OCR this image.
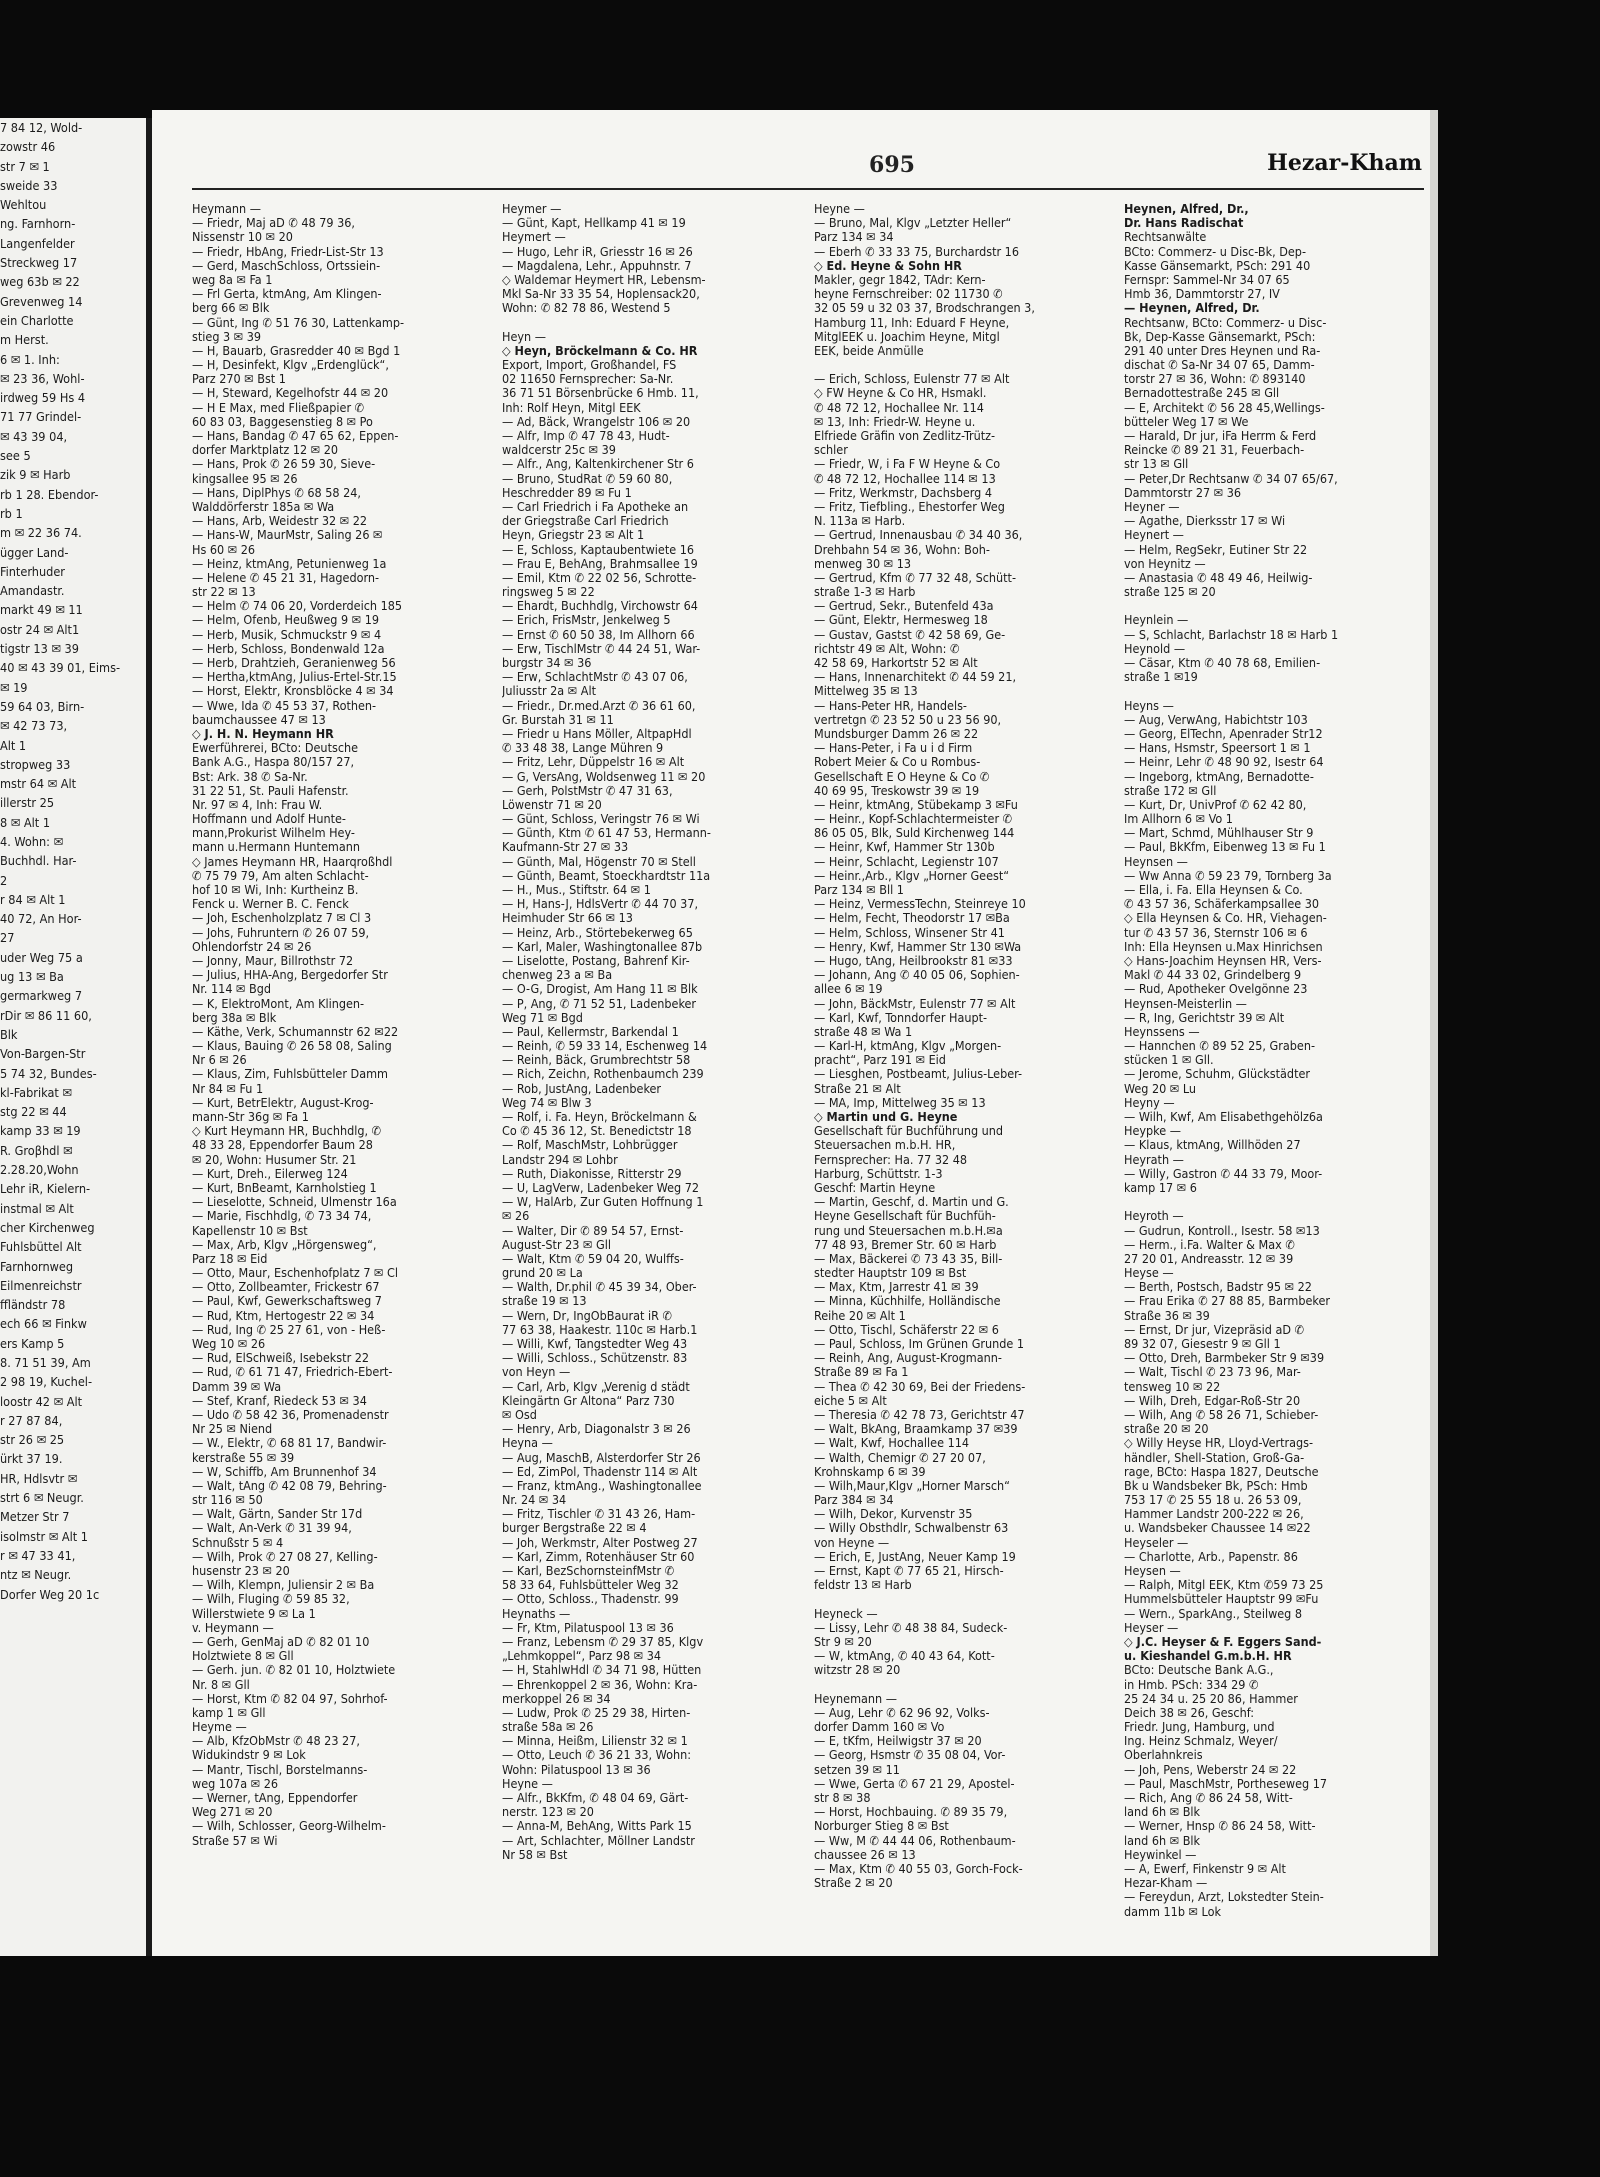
7 84 12, Wold-
zowstr 46
str 7 ✉ 1
sweide 33
Wehltou
ng. Farnhorn-
Langenfelder
Streckweg 17
weg 63b ✉ 22
Grevenweg 14
ein Charlotte
m Herst.
6 ✉ 1. Inh:
✉ 23 36, Wohl-
irdweg 59 Hs 4
71 77 Grindel-
✉ 43 39 04,
see 5
zik 9 ✉ Harb
rb 1 28. Ebendor-
rb 1
m ✉ 22 36 74.
ügger Land-
Finterhuder
Amandastr.
markt 49 ✉ 11
ostr 24 ✉ Alt1
tigstr 13 ✉ 39
40 ✉ 43 39 01, Eims-
✉ 19
59 64 03, Birn-
✉ 42 73 73,
Alt 1
stropweg 33
mstr 64 ✉ Alt
illerstr 25
8 ✉ Alt 1
4. Wohn: ✉
Buchhdl. Har-
2
r 84 ✉ Alt 1
40 72, An Hor-
27
uder Weg 75 a
ug 13 ✉ Ba
germarkweg 7
rDir ✉ 86 11 60,
Blk
Von-Bargen-Str
5 74 32, Bundes-
kl-Fabrikat ✉
stg 22 ✉ 44
kamp 33 ✉ 19
R. Groβhdl ✉
2.28.20,Wohn
Lehr iR, Kielern-
instmal ✉ Alt
cher Kirchenweg
Fuhlsbüttel Alt
Farnhornweg
Eilmenreichstr
ffländstr 78
ech 66 ✉ Finkw
ers Kamp 5
8. 71 51 39, Am
2 98 19, Kuchel-
loostr 42 ✉ Alt
r 27 87 84,
str 26 ✉ 25
ürkt 37 19.
HR, Hdlsvtr ✉
strt 6 ✉ Neugr.
Metzer Str 7
isolmstr ✉ Alt 1
r ✉ 47 33 41,
ntz ✉ Neugr.
Dorfer Weg 20 1c
695	Hezar-Kham
Heymann —
— Friedr, Maj aD ✆ 48 79 36,
Nissenstr 10 ✉ 20
— Friedr, HbAng, Friedr-List-Str 13
— Gerd, MaschSchloss, Ortssiein-
weg 8a ✉ Fa 1
— Frl Gerta, ktmAng, Am Klingen-
berg 66 ✉ Blk
— Günt, Ing ✆ 51 76 30, Lattenkamp-
stieg 3 ✉ 39
— H, Bauarb, Grasredder 40 ✉ Bgd 1
— H, Desinfekt, Klgv „Erdenglück“,
Parz 270 ✉ Bst 1
— H, Steward, Kegelhofstr 44 ✉ 20
— H E Max, med Fließpapier ✆
60 83 03, Baggesenstieg 8 ✉ Po
— Hans, Bandag ✆ 47 65 62, Eppen-
dorfer Marktplatz 12 ✉ 20
— Hans, Prok ✆ 26 59 30, Sieve-
kingsallee 95 ✉ 26
— Hans, DiplPhys ✆ 68 58 24,
Walddörferstr 185a ✉ Wa
— Hans, Arb, Weidestr 32 ✉ 22
— Hans-W, MaurMstr, Saling 26 ✉
Hs 60 ✉ 26
— Heinz, ktmAng, Petunienweg 1a
— Helene ✆ 45 21 31, Hagedorn-
str 22 ✉ 13
— Helm ✆ 74 06 20, Vorderdeich 185
— Helm, Ofenb, Heußweg 9 ✉ 19
— Herb, Musik, Schmuckstr 9 ✉ 4
— Herb, Schloss, Bondenwald 12a
— Herb, Drahtzieh, Geranienweg 56
— Hertha,ktmAng, Julius-Ertel-Str.15
— Horst, Elektr, Kronsblöcke 4 ✉ 34
— Wwe, Ida ✆ 45 53 37, Rothen-
baumchaussee 47 ✉ 13
◇ J. H. N. Heymann HR
Ewerführerei, BCto: Deutsche
Bank A.G., Haspa 80/157 27,
Bst: Ark. 38 ✆ Sa-Nr.
31 22 51, St. Pauli Hafenstr.
Nr. 97 ✉ 4, Inh: Frau W.
Hoffmann und Adolf Hunte-
mann,Prokurist Wilhelm Hey-
mann u.Hermann Huntemann
◇ James Heymann HR, Haarqroßhdl
✆ 75 79 79, Am alten Schlacht-
hof 10 ✉ Wi, Inh: Kurtheinz B.
Fenck u. Werner B. C. Fenck
— Joh, Eschenholzplatz 7 ✉ Cl 3
— Johs, Fuhruntern ✆ 26 07 59,
Ohlendorfstr 24 ✉ 26
— Jonny, Maur, Billrothstr 72
— Julius, HHA-Ang, Bergedorfer Str
Nr. 114 ✉ Bgd
— K, ElektroMont, Am Klingen-
berg 38a ✉ Blk
— Käthe, Verk, Schumannstr 62 ✉22
— Klaus, Bauing ✆ 26 58 08, Saling
Nr 6 ✉ 26
— Klaus, Zim, Fuhlsbütteler Damm
Nr 84 ✉ Fu 1
— Kurt, BetrElektr, August-Krog-
mann-Str 36g ✉ Fa 1
◇ Kurt Heymann HR, Buchhdlg, ✆
48 33 28, Eppendorfer Baum 28
✉ 20, Wohn: Husumer Str. 21
— Kurt, Dreh., Eilerweg 124
— Kurt, BnBeamt, Karnholstieg 1
— Lieselotte, Schneid, Ulmenstr 16a
— Marie, Fischhdlg, ✆ 73 34 74,
Kapellenstr 10 ✉ Bst
— Max, Arb, Klgv „Hörgensweg“,
Parz 18 ✉ Eid
— Otto, Maur, Eschenhofplatz 7 ✉ Cl
— Otto, Zollbeamter, Frickestr 67
— Paul, Kwf, Gewerkschaftsweg 7
— Rud, Ktm, Hertogestr 22 ✉ 34
— Rud, Ing ✆ 25 27 61, von - Heß-
Weg 10 ✉ 26
— Rud, ElSchweiß, Isebekstr 22
— Rud, ✆ 61 71 47, Friedrich-Ebert-
Damm 39 ✉ Wa
— Stef, Kranf, Riedeck 53 ✉ 34
— Udo ✆ 58 42 36, Promenadenstr
Nr 25 ✉ Niend
— W., Elektr, ✆ 68 81 17, Bandwir-
kerstraße 55 ✉ 39
— W, Schiffb, Am Brunnenhof 34
— Walt, tAng ✆ 42 08 79, Behring-
str 116 ✉ 50
— Walt, Gärtn, Sander Str 17d
— Walt, An-Verk ✆ 31 39 94,
Schnußstr 5 ✉ 4
— Wilh, Prok ✆ 27 08 27, Kelling-
husenstr 23 ✉ 20
— Wilh, Klempn, Juliensir 2 ✉ Ba
— Wilh, Fluging ✆ 59 85 32,
Willerstwiete 9 ✉ La 1
v. Heymann —
— Gerh, GenMaj aD ✆ 82 01 10
Holztwiete 8 ✉ Gll
— Gerh. jun. ✆ 82 01 10, Holztwiete
Nr. 8 ✉ Gll
— Horst, Ktm ✆ 82 04 97, Sohrhof-
kamp 1 ✉ Gll
Heyme —
— Alb, KfzObMstr ✆ 48 23 27,
Widukindstr 9 ✉ Lok
— Mantr, Tischl, Borstelmanns-
weg 107a ✉ 26
— Werner, tAng, Eppendorfer
Weg 271 ✉ 20
— Wilh, Schlosser, Georg-Wilhelm-
Straße 57 ✉ Wi
Heymer —
— Günt, Kapt, Hellkamp 41 ✉ 19
Heymert —
— Hugo, Lehr iR, Griesstr 16 ✉ 26
— Magdalena, Lehr., Appuhnstr. 7
◇ Waldemar Heymert HR, Lebensm-
Mkl Sa-Nr 33 35 54, Hoplensack20,
Wohn: ✆ 82 78 86, Westend 5
Heyn —
◇ Heyn, Bröckelmann & Co. HR
Export, Import, Großhandel, FS
02 11650 Fernsprecher: Sa-Nr.
36 71 51 Börsenbrücke 6 Hmb. 11,
Inh: Rolf Heyn, Mitgl EEK
— Ad, Bäck, Wrangelstr 106 ✉ 20
— Alfr, Imp ✆ 47 78 43, Hudt-
waldcerstr 25c ✉ 39
— Alfr., Ang, Kaltenkirchener Str 6
— Bruno, StudRat ✆ 59 60 80,
Heschredder 89 ✉ Fu 1
— Carl Friedrich i Fa Apotheke an
der Griegstraße Carl Friedrich
Heyn, Griegstr 23 ✉ Alt 1
— E, Schloss, Kaptaubentwiete 16
— Frau E, BehAng, Brahmsallee 19
— Emil, Ktm ✆ 22 02 56, Schrotte-
ringsweg 5 ✉ 22
— Ehardt, Buchhdlg, Virchowstr 64
— Erich, FrisMstr, Jenkelweg 5
— Ernst ✆ 60 50 38, Im Allhorn 66
— Erw, TischlMstr ✆ 44 24 51, War-
burgstr 34 ✉ 36
— Erw, SchlachtMstr ✆ 43 07 06,
Juliusstr 2a ✉ Alt
— Friedr., Dr.med.Arzt ✆ 36 61 60,
Gr. Burstah 31 ✉ 11
— Friedr u Hans Möller, AltpapHdl
✆ 33 48 38, Lange Mühren 9
— Fritz, Lehr, Düppelstr 16 ✉ Alt
— G, VersAng, Woldsenweg 11 ✉ 20
— Gerh, PolstMstr ✆ 47 31 63,
Löwenstr 71 ✉ 20
— Günt, Schloss, Veringstr 76 ✉ Wi
— Günth, Ktm ✆ 61 47 53, Hermann-
Kaufmann-Str 27 ✉ 33
— Günth, Mal, Högenstr 70 ✉ Stell
— Günth, Beamt, Stoeckhardtstr 11a
— H., Mus., Stiftstr. 64 ✉ 1
— H, Hans-J, HdlsVertr ✆ 44 70 37,
Heimhuder Str 66 ✉ 13
— Heinz, Arb., Störtebekerweg 65
— Karl, Maler, Washingtonallee 87b
— Liselotte, Postang, Bahrenf Kir-
chenweg 23 a ✉ Ba
— O-G, Drogist, Am Hang 11 ✉ Blk
— P, Ang, ✆ 71 52 51, Ladenbeker
Weg 71 ✉ Bgd
— Paul, Kellermstr, Barkendal 1
— Reinh, ✆ 59 33 14, Eschenweg 14
— Reinh, Bäck, Grumbrechtstr 58
— Rich, Zeichn, Rothenbaumch 239
— Rob, JustAng, Ladenbeker
Weg 74 ✉ Blw 3
— Rolf, i. Fa. Heyn, Bröckelmann &
Co ✆ 45 36 12, St. Benedictstr 18
— Rolf, MaschMstr, Lohbrügger
Landstr 294 ✉ Lohbr
— Ruth, Diakonisse, Ritterstr 29
— U, LagVerw, Ladenbeker Weg 72
— W, HalArb, Zur Guten Hoffnung 1
✉ 26
— Walter, Dir ✆ 89 54 57, Ernst-
August-Str 23 ✉ Gll
— Walt, Ktm ✆ 59 04 20, Wulffs-
grund 20 ✉ La
— Walth, Dr.phil ✆ 45 39 34, Ober-
straße 19 ✉ 13
— Wern, Dr, IngObBaurat iR ✆
77 63 38, Haakestr. 110c ✉ Harb.1
— Willi, Kwf, Tangstedter Weg 43
— Willi, Schloss., Schützenstr. 83
von Heyn —
— Carl, Arb, Klgv „Verenig d städt
Kleingärtn Gr Altona“ Parz 730
✉ Osd
— Henry, Arb, Diagonalstr 3 ✉ 26
Heyna —
— Aug, MaschB, Alsterdorfer Str 26
— Ed, ZimPol, Thadenstr 114 ✉ Alt
— Franz, ktmAng., Washingtonallee
Nr. 24 ✉ 34
— Fritz, Tischler ✆ 31 43 26, Ham-
burger Bergstraße 22 ✉ 4
— Joh, Werkmstr, Alter Postweg 27
— Karl, Zimm, Rotenhäuser Str 60
— Karl, BezSchornsteinfMstr ✆
58 33 64, Fuhlsbütteler Weg 32
— Otto, Schloss., Thadenstr. 99
Heynaths —
— Fr, Ktm, Pilatuspool 13 ✉ 36
— Franz, Lebensm ✆ 29 37 85, Klgv
„Lehmkoppel“, Parz 98 ✉ 34
— H, StahlwHdl ✆ 34 71 98, Hütten
— Ehrenkoppel 2 ✉ 36, Wohn: Kra-
merkoppel 26 ✉ 34
— Ludw, Prok ✆ 25 29 38, Hirten-
straße 58a ✉ 26
— Minna, Heißm, Lilienstr 32 ✉ 1
— Otto, Leuch ✆ 36 21 33, Wohn:
Wohn: Pilatuspool 13 ✉ 36
Heyne —
— Alfr., BkKfm, ✆ 48 04 69, Gärt-
nerstr. 123 ✉ 20
— Anna-M, BehAng, Witts Park 15
— Art, Schlachter, Möllner Landstr
Nr 58 ✉ Bst
Heyne —
— Bruno, Mal, Klgv „Letzter Heller“
Parz 134 ✉ 34
— Eberh ✆ 33 33 75, Burchardstr 16
◇ Ed. Heyne & Sohn HR
Makler, gegr 1842, TAdr: Kern-
heyne Fernschreiber: 02 11730 ✆
32 05 59 u 32 03 37, Brodschrangen 3,
Hamburg 11, Inh: Eduard F Heyne,
MitglEEK u. Joachim Heyne, Mitgl
EEK, beide Anmülle
— Erich, Schloss, Eulenstr 77 ✉ Alt
◇ FW Heyne & Co HR, Hsmakl.
✆ 48 72 12, Hochallee Nr. 114
✉ 13, Inh: Friedr-W. Heyne u.
Elfriede Gräfin von Zedlitz-Trütz-
schler
— Friedr, W, i Fa F W Heyne & Co
✆ 48 72 12, Hochallee 114 ✉ 13
— Fritz, Werkmstr, Dachsberg 4
— Fritz, Tiefbling., Ehestorfer Weg
N. 113a ✉ Harb.
— Gertrud, Innenausbau ✆ 34 40 36,
Drehbahn 54 ✉ 36, Wohn: Boh-
menweg 30 ✉ 13
— Gertrud, Kfm ✆ 77 32 48, Schütt-
straße 1-3 ✉ Harb
— Gertrud, Sekr., Butenfeld 43a
— Günt, Elektr, Hermesweg 18
— Gustav, Gastst ✆ 42 58 69, Ge-
richtstr 49 ✉ Alt, Wohn: ✆
42 58 69, Harkortstr 52 ✉ Alt
— Hans, Innenarchitekt ✆ 44 59 21,
Mittelweg 35 ✉ 13
— Hans-Peter HR, Handels-
vertretgn ✆ 23 52 50 u 23 56 90,
Mundsburger Damm 26 ✉ 22
— Hans-Peter, i Fa u i d Firm
Robert Meier & Co u Rombus-
Gesellschaft E O Heyne & Co ✆
40 69 95, Treskowstr 39 ✉ 19
— Heinr, ktmAng, Stübekamp 3 ✉Fu
— Heinr., Kopf-Schlachtermeister ✆
86 05 05, Blk, Suld Kirchenweg 144
— Heinr, Kwf, Hammer Str 130b
— Heinr, Schlacht, Legienstr 107
— Heinr.,Arb., Klgv „Horner Geest“
Parz 134 ✉ Bll 1
— Heinz, VermessTechn, Steinreye 10
— Helm, Fecht, Theodorstr 17 ✉Ba
— Helm, Schloss, Winsener Str 41
— Henry, Kwf, Hammer Str 130 ✉Wa
— Hugo, tAng, Heilbrookstr 81 ✉33
— Johann, Ang ✆ 40 05 06, Sophien-
allee 6 ✉ 19
— John, BäckMstr, Eulenstr 77 ✉ Alt
— Karl, Kwf, Tonndorfer Haupt-
straße 48 ✉ Wa 1
— Karl-H, ktmAng, Klgv „Morgen-
pracht“, Parz 191 ✉ Eid
— Liesghen, Postbeamt, Julius-Leber-
Straße 21 ✉ Alt
— MA, Imp, Mittelweg 35 ✉ 13
◇ Martin und G. Heyne
Gesellschaft für Buchführung und
Steuersachen m.b.H. HR,
Fernsprecher: Ha. 77 32 48
Harburg, Schüttstr. 1-3
Geschf: Martin Heyne
— Martin, Geschf, d. Martin und G.
Heyne Gesellschaft für Buchfüh-
rung und Steuersachen m.b.H.✉a
77 48 93, Bremer Str. 60 ✉ Harb
— Max, Bäckerei ✆ 73 43 35, Bill-
stedter Hauptstr 109 ✉ Bst
— Max, Ktm, Jarrestr 41 ✉ 39
— Minna, Küchhilfe, Holländische
Reihe 20 ✉ Alt 1
— Otto, Tischl, Schäferstr 22 ✉ 6
— Paul, Schloss, Im Grünen Grunde 1
— Reinh, Ang, August-Krogmann-
Straße 89 ✉ Fa 1
— Thea ✆ 42 30 69, Bei der Friedens-
eiche 5 ✉ Alt
— Theresia ✆ 42 78 73, Gerichtstr 47
— Walt, BkAng, Braamkamp 37 ✉39
— Walt, Kwf, Hochallee 114
— Walth, Chemigr ✆ 27 20 07,
Krohnskamp 6 ✉ 39
— Wilh,Maur,Klgv „Horner Marsch“
Parz 384 ✉ 34
— Wilh, Dekor, Kurvenstr 35
— Willy Obsthdlr, Schwalbenstr 63
von Heyne —
— Erich, E, JustAng, Neuer Kamp 19
— Ernst, Kapt ✆ 77 65 21, Hirsch-
feldstr 13 ✉ Harb
Heyneck —
— Lissy, Lehr ✆ 48 38 84, Sudeck-
Str 9 ✉ 20
— W, ktmAng, ✆ 40 43 64, Kott-
witzstr 28 ✉ 20
Heynemann —
— Aug, Lehr ✆ 62 96 92, Volks-
dorfer Damm 160 ✉ Vo
— E, tKfm, Heilwigstr 37 ✉ 20
— Georg, Hsmstr ✆ 35 08 04, Vor-
setzen 39 ✉ 11
— Wwe, Gerta ✆ 67 21 29, Apostel-
str 8 ✉ 38
— Horst, Hochbauing. ✆ 89 35 79,
Norburger Stieg 8 ✉ Bst
— Ww, M ✆ 44 44 06, Rothenbaum-
chaussee 26 ✉ 13
— Max, Ktm ✆ 40 55 03, Gorch-Fock-
Straße 2 ✉ 20
Heynen, Alfred, Dr.,
Dr. Hans Radischat
Rechtsanwälte
BCto: Commerz- u Disc-Bk, Dep-
Kasse Gänsemarkt, PSch: 291 40
Fernspr: Sammel-Nr 34 07 65
Hmb 36, Dammtorstr 27, IV
— Heynen, Alfred, Dr.
Rechtsanw, BCto: Commerz- u Disc-
Bk, Dep-Kasse Gänsemarkt, PSch:
291 40 unter Dres Heynen und Ra-
dischat ✆ Sa-Nr 34 07 65, Damm-
torstr 27 ✉ 36, Wohn: ✆ 893140
Bernadottestraße 245 ✉ Gll
— E, Architekt ✆ 56 28 45,Wellings-
bütteler Weg 17 ✉ We
— Harald, Dr jur, iFa Herrm & Ferd
Reincke ✆ 89 21 31, Feuerbach-
str 13 ✉ Gll
— Peter,Dr Rechtsanw ✆ 34 07 65/67,
Dammtorstr 27 ✉ 36
Heyner —
— Agathe, Dierksstr 17 ✉ Wi
Heynert —
— Helm, RegSekr, Eutiner Str 22
von Heynitz —
— Anastasia ✆ 48 49 46, Heilwig-
straße 125 ✉ 20
Heynlein —
— S, Schlacht, Barlachstr 18 ✉ Harb 1
Heynold —
— Cäsar, Ktm ✆ 40 78 68, Emilien-
straße 1 ✉19
Heyns —
— Aug, VerwAng, Habichtstr 103
— Georg, ElTechn, Apenrader Str12
— Hans, Hsmstr, Speersort 1 ✉ 1
— Heinr, Lehr ✆ 48 90 92, Isestr 64
— Ingeborg, ktmAng, Bernadotte-
straße 172 ✉ Gll
— Kurt, Dr, UnivProf ✆ 62 42 80,
Im Allhorn 6 ✉ Vo 1
— Mart, Schmd, Mühlhauser Str 9
— Paul, BkKfm, Eibenweg 13 ✉ Fu 1
Heynsen —
— Ww Anna ✆ 59 23 79, Tornberg 3a
— Ella, i. Fa. Ella Heynsen & Co.
✆ 43 57 36, Schäferkampsallee 30
◇ Ella Heynsen & Co. HR, Viehagen-
tur ✆ 43 57 36, Sternstr 106 ✉ 6
Inh: Ella Heynsen u.Max Hinrichsen
◇ Hans-Joachim Heynsen HR, Vers-
Makl ✆ 44 33 02, Grindelberg 9
— Rud, Apotheker Ovelgönne 23
Heynsen-Meisterlin —
— R, Ing, Gerichtstr 39 ✉ Alt
Heynssens —
— Hannchen ✆ 89 52 25, Graben-
stücken 1 ✉ Gll.
— Jerome, Schuhm, Glückstädter
Weg 20 ✉ Lu
Heyny —
— Wilh, Kwf, Am Elisabethgehölz6a
Heypke —
— Klaus, ktmAng, Willhöden 27
Heyrath —
— Willy, Gastron ✆ 44 33 79, Moor-
kamp 17 ✉ 6
Heyroth —
— Gudrun, Kontroll., Isestr. 58 ✉13
— Herm., i.Fa. Walter & Max ✆
27 20 01, Andreasstr. 12 ✉ 39
Heyse —
— Berth, Postsch, Badstr 95 ✉ 22
— Frau Erika ✆ 27 88 85, Barmbeker
Straße 36 ✉ 39
— Ernst, Dr jur, Vizepräsid aD ✆
89 32 07, Giesestr 9 ✉ Gll 1
— Otto, Dreh, Barmbeker Str 9 ✉39
— Walt, Tischl ✆ 23 73 96, Mar-
tensweg 10 ✉ 22
— Wilh, Dreh, Edgar-Roß-Str 20
— Wilh, Ang ✆ 58 26 71, Schieber-
straße 20 ✉ 20
◇ Willy Heyse HR, Lloyd-Vertrags-
händler, Shell-Station, Groß-Ga-
rage, BCto: Haspa 1827, Deutsche
Bk u Wandsbeker Bk, PSch: Hmb
753 17 ✆ 25 55 18 u. 26 53 09,
Hammer Landstr 200-222 ✉ 26,
u. Wandsbeker Chaussee 14 ✉22
Heyseler —
— Charlotte, Arb., Papenstr. 86
Heysen —
— Ralph, Mitgl EEK, Ktm ✆59 73 25
Hummelsbütteler Hauptstr 99 ✉Fu
— Wern., SparkAng., Steilweg 8
Heyser —
◇ J.C. Heyser & F. Eggers Sand-
u. Kieshandel G.m.b.H. HR
BCto: Deutsche Bank A.G.,
in Hmb. PSch: 334 29 ✆
25 24 34 u. 25 20 86, Hammer
Deich 38 ✉ 26, Geschf:
Friedr. Jung, Hamburg, und
Ing. Heinz Schmalz, Weyer/
Oberlahnkreis
— Joh, Pens, Weberstr 24 ✉ 22
— Paul, MaschMstr, Portheseweg 17
— Rich, Ang ✆ 86 24 58, Witt-
land 6h ✉ Blk
— Werner, Hnsp ✆ 86 24 58, Witt-
land 6h ✉ Blk
Heywinkel —
— A, Ewerf, Finkenstr 9 ✉ Alt
Hezar-Kham —
— Fereydun, Arzt, Lokstedter Stein-
damm 11b ✉ Lok
